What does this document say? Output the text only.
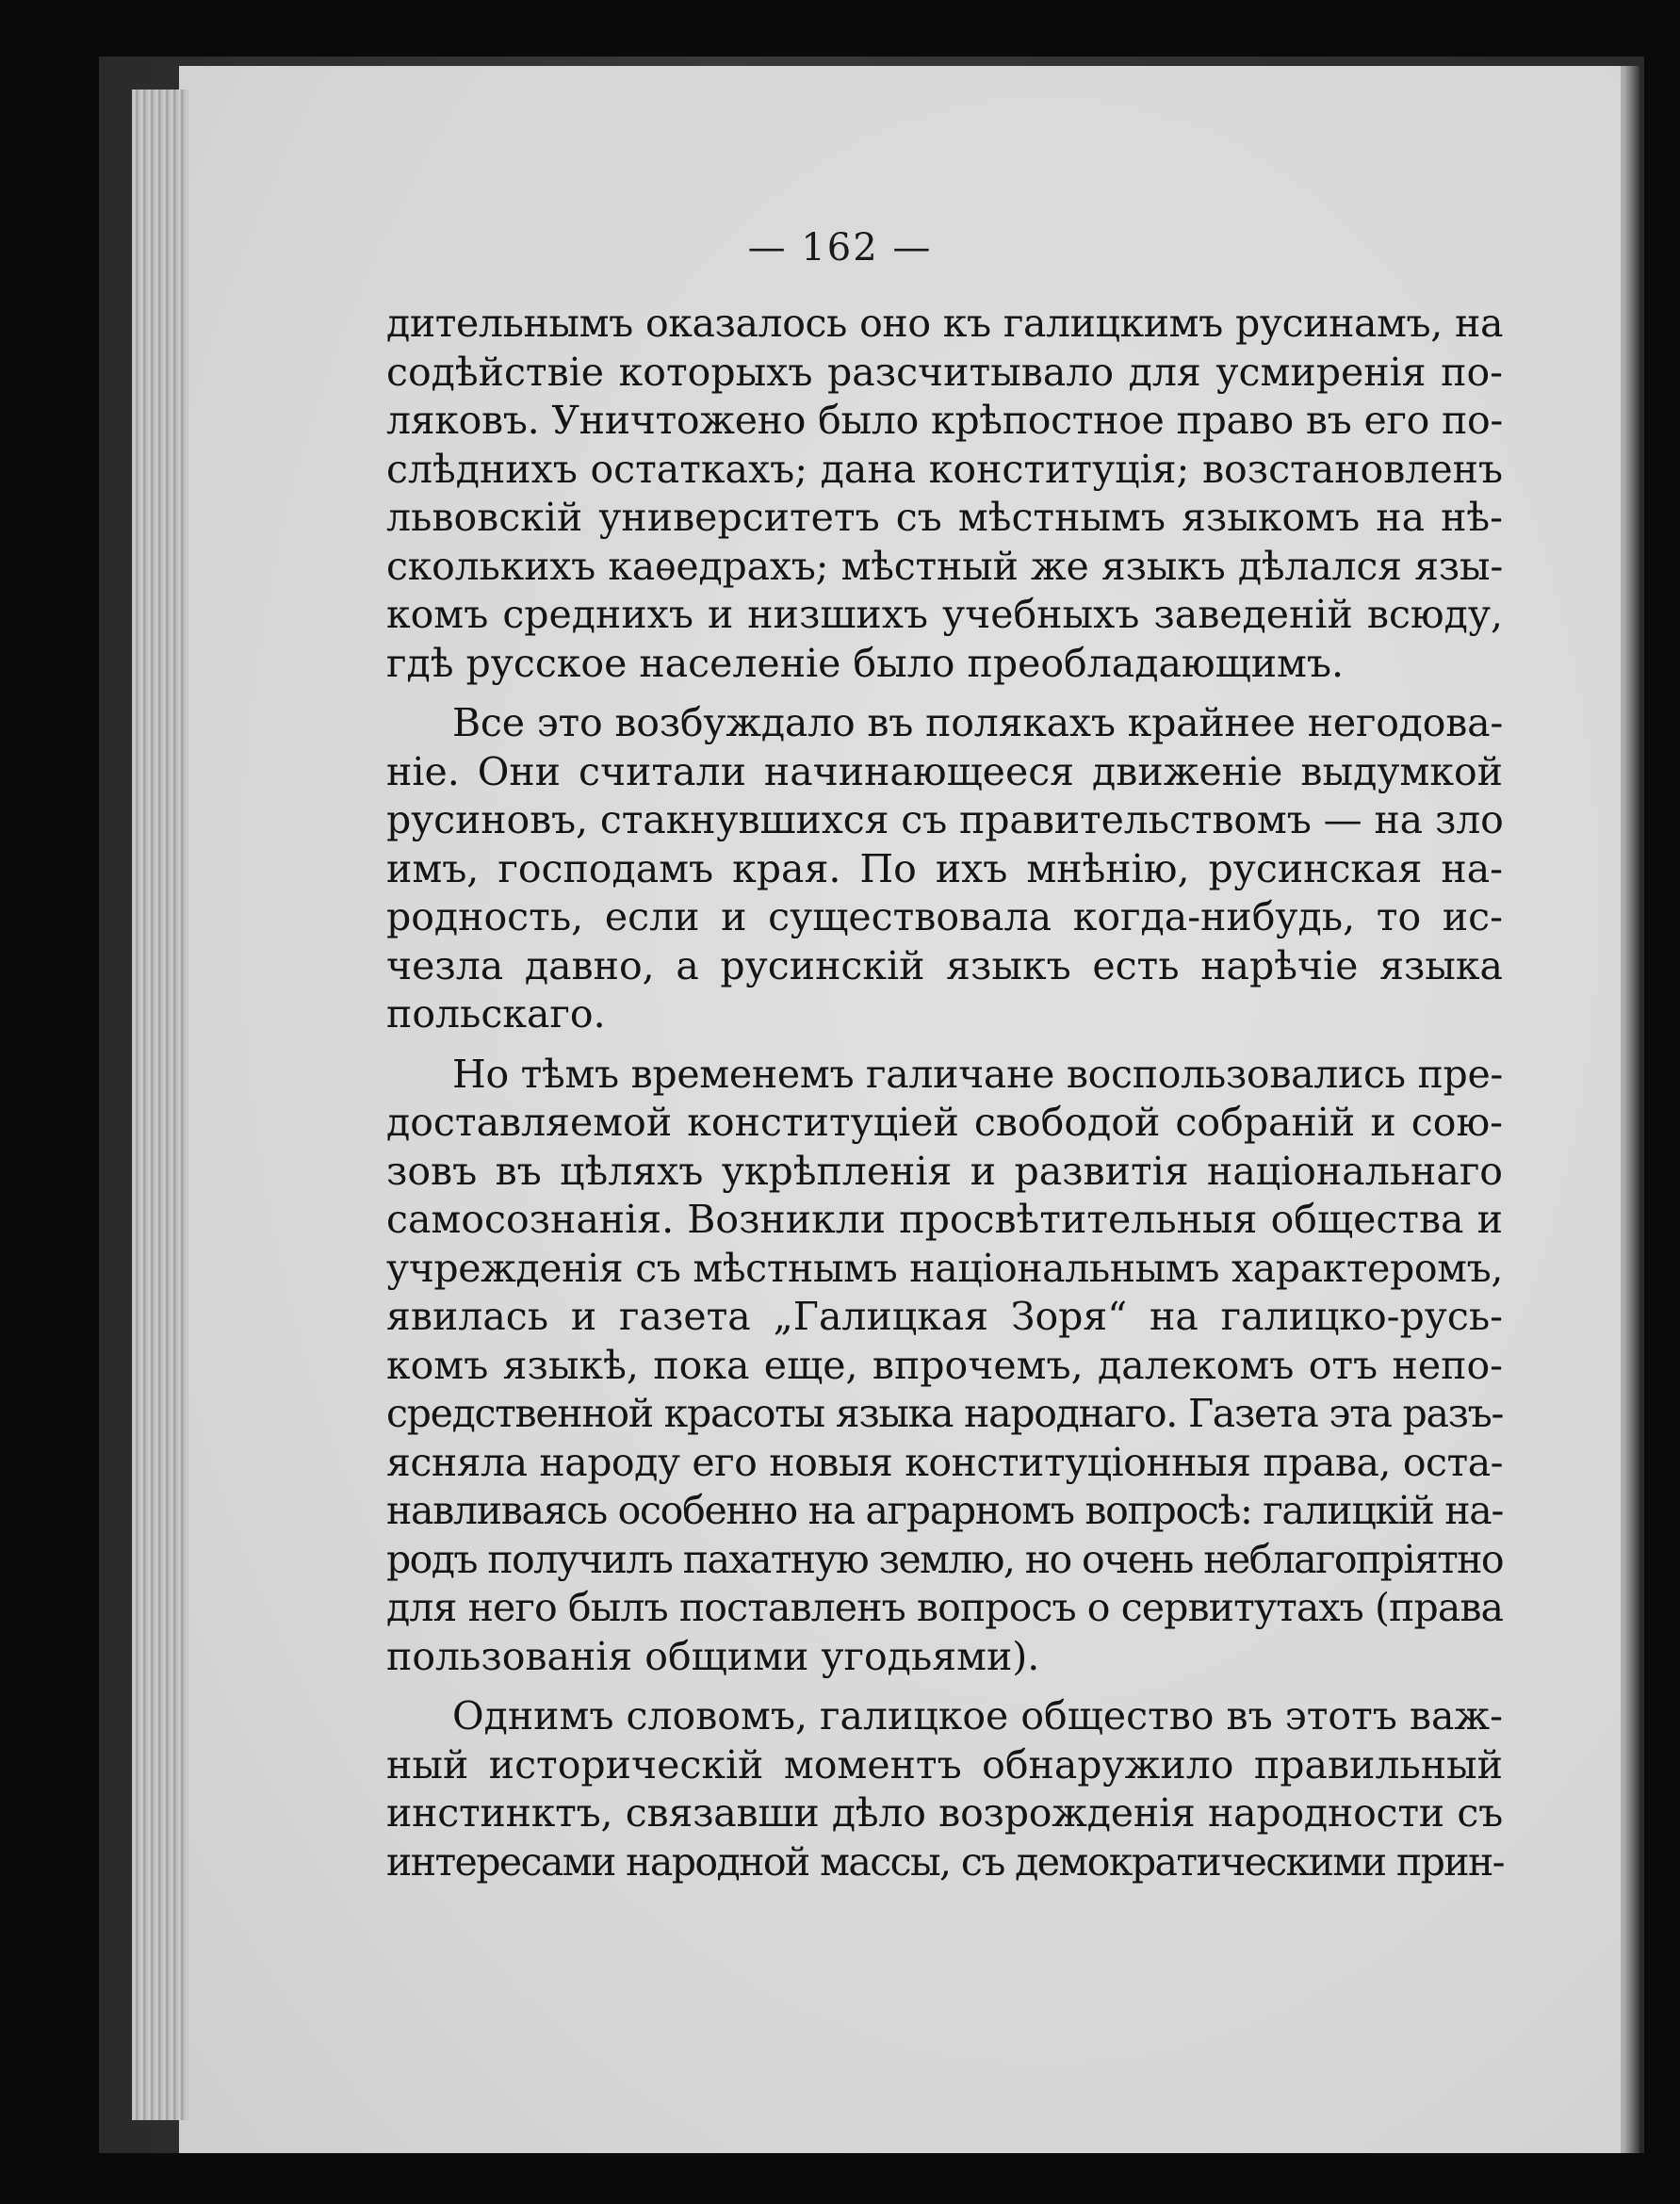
— 162 —
дительнымъ оказалось оно къ галицкимъ русинамъ, на
содѣйствіе которыхъ разсчитывало для усмиренія по-
ляковъ. Уничтожено было крѣпостное право въ его по-
слѣднихъ остаткахъ; дана конституція; возстановленъ
львовскій университетъ съ мѣстнымъ языкомъ на нѣ-
сколькихъ каѳедрахъ; мѣстный же языкъ дѣлался язы-
комъ среднихъ и низшихъ учебныхъ заведеній всюду,
гдѣ русское населеніе было преобладающимъ.
Все это возбуждало въ полякахъ крайнее негодова-
ніе. Они считали начинающееся движеніе выдумкой
русиновъ, стакнувшихся съ правительствомъ — на зло
имъ, господамъ края. По ихъ мнѣнію, русинская на-
родность, если и существовала когда-нибудь, то ис-
чезла давно, а русинскій языкъ есть нарѣчіе языка
польскаго.
Но тѣмъ временемъ галичане воспользовались пре-
доставляемой конституціей свободой собраній и сою-
зовъ въ цѣляхъ укрѣпленія и развитія національнаго
самосознанія. Возникли просвѣтительныя общества и
учрежденія съ мѣстнымъ національнымъ характеромъ,
явилась и газета „Галицкая Зоря“ на галицко-русь-
комъ языкѣ, пока еще, впрочемъ, далекомъ отъ непо-
средственной красоты языка народнаго. Газета эта разъ-
ясняла народу его новыя конституціонныя права, оста-
навливаясь особенно на аграрномъ вопросѣ: галицкій на-
родъ получилъ пахатную землю, но очень неблагопріятно
для него былъ поставленъ вопросъ о сервитутахъ (права
пользованія общими угодьями).
Однимъ словомъ, галицкое общество въ этотъ важ-
ный историческій моментъ обнаружило правильный
инстинктъ, связавши дѣло возрожденія народности съ
интересами народной массы, съ демократическими прин-
